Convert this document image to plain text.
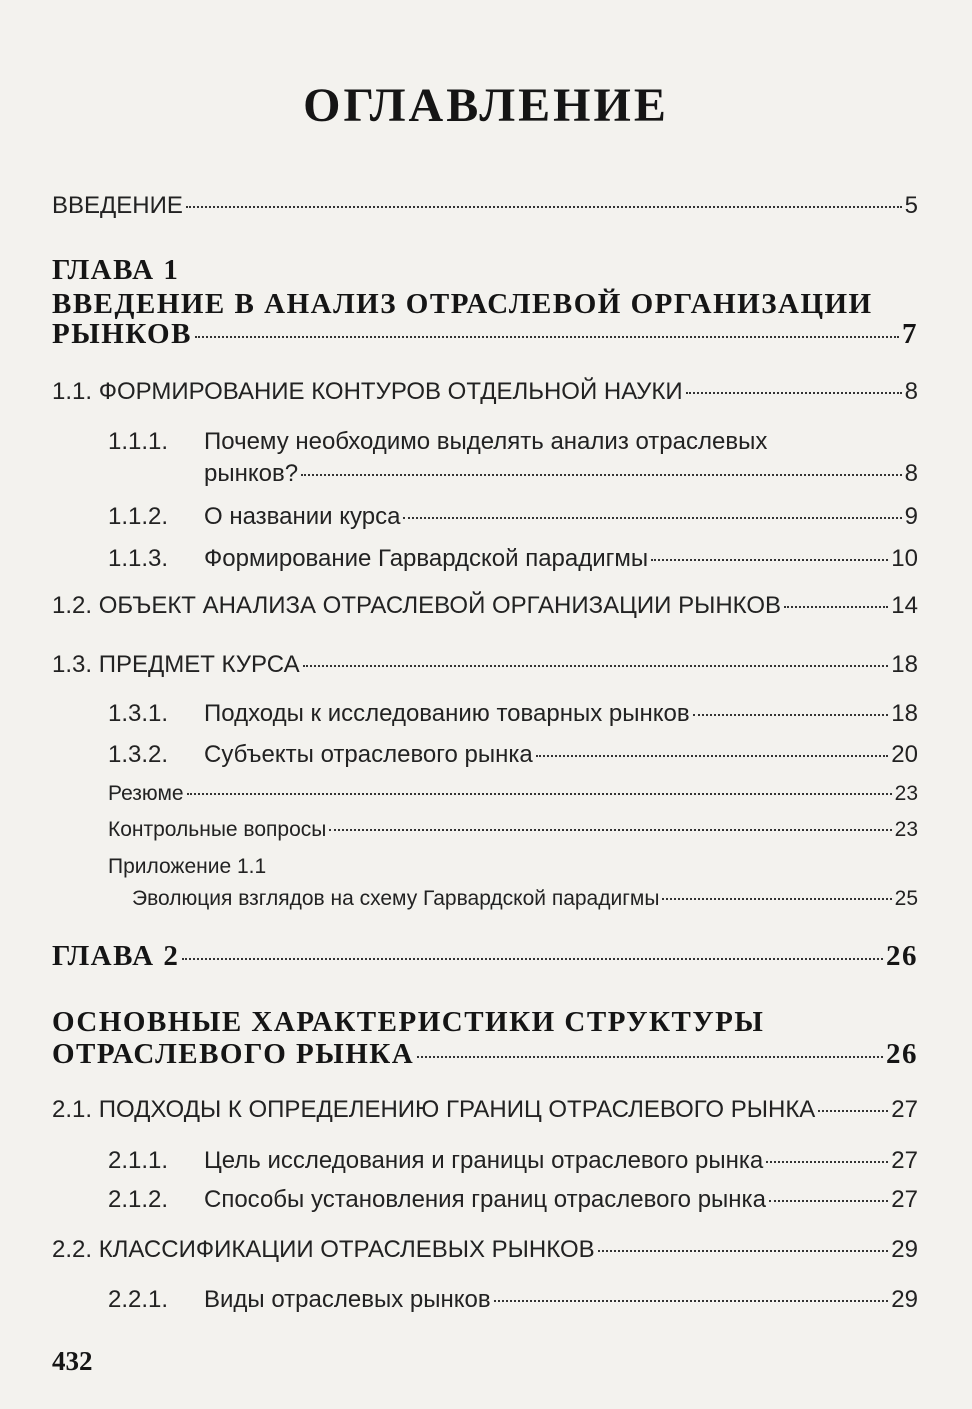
ОГЛАВЛЕНИЕ
ВВЕДЕНИЕ	5
ГЛАВА 1
ВВЕДЕНИЕ В АНАЛИЗ ОТРАСЛЕВОЙ ОРГАНИЗАЦИИ
РЫНКОВ	7
1.1. ФОРМИРОВАНИЕ КОНТУРОВ ОТДЕЛЬНОЙ НАУКИ	8
1.1.1. Почему необходимо выделять анализ отраслевых
рынков?	8
1.1.2. О названии курса	9
1.1.3. Формирование Гарвардской парадигмы	10
1.2. ОБЪЕКТ АНАЛИЗА ОТРАСЛЕВОЙ ОРГАНИЗАЦИИ РЫНКОВ	14
1.3. ПРЕДМЕТ КУРСА	18
1.3.1. Подходы к исследованию товарных рынков	18
1.3.2. Субъекты отраслевого рынка	20
Резюме	23
Контрольные вопросы	23
Приложение 1.1
Эволюция взглядов на схему Гарвардской парадигмы	25
ГЛАВА 2	26
ОСНОВНЫЕ ХАРАКТЕРИСТИКИ СТРУКТУРЫ
ОТРАСЛЕВОГО РЫНКА	26
2.1. ПОДХОДЫ К ОПРЕДЕЛЕНИЮ ГРАНИЦ ОТРАСЛЕВОГО РЫНКА	27
2.1.1. Цель исследования и границы отраслевого рынка	27
2.1.2. Способы установления границ отраслевого рынка	27
2.2. КЛАССИФИКАЦИИ ОТРАСЛЕВЫХ РЫНКОВ	29
2.2.1. Виды отраслевых рынков	29
432
